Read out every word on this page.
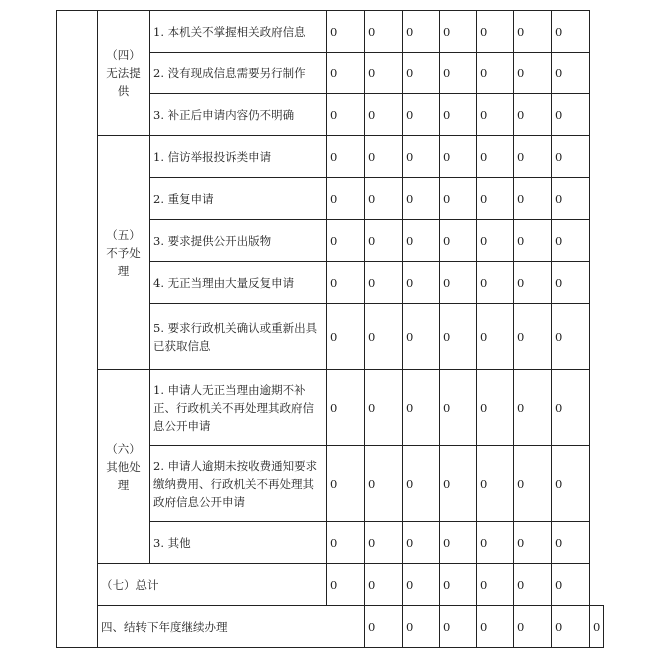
	（四）无法提供	1. 本机关不掌握相关政府信息	0	0	0	0	0	0	0	
		2. 没有现成信息需要另行制作	0	0	0	0	0	0	0	
		3. 补正后申请内容仍不明确	0	0	0	0	0	0	0	
	（五）不予处理	1. 信访举报投诉类申请	0	0	0	0	0	0	0	
		2. 重复申请	0	0	0	0	0	0	0	
		3. 要求提供公开出版物	0	0	0	0	0	0	0	
		4. 无正当理由大量反复申请	0	0	0	0	0	0	0	
		5. 要求行政机关确认或重新出具已获取信息	0	0	0	0	0	0	0	
	（六）其他处理	1. 申请人无正当理由逾期不补正、行政机关不再处理其政府信息公开申请	0	0	0	0	0	0	0	
		2. 申请人逾期未按收费通知要求缴纳费用、行政机关不再处理其政府信息公开申请	0	0	0	0	0	0	0	
		3. 其他	0	0	0	0	0	0	0	
	（七）总计		0	0	0	0	0	0	0	
	四、结转下年度继续办理			0	0	0	0	0	0	0
